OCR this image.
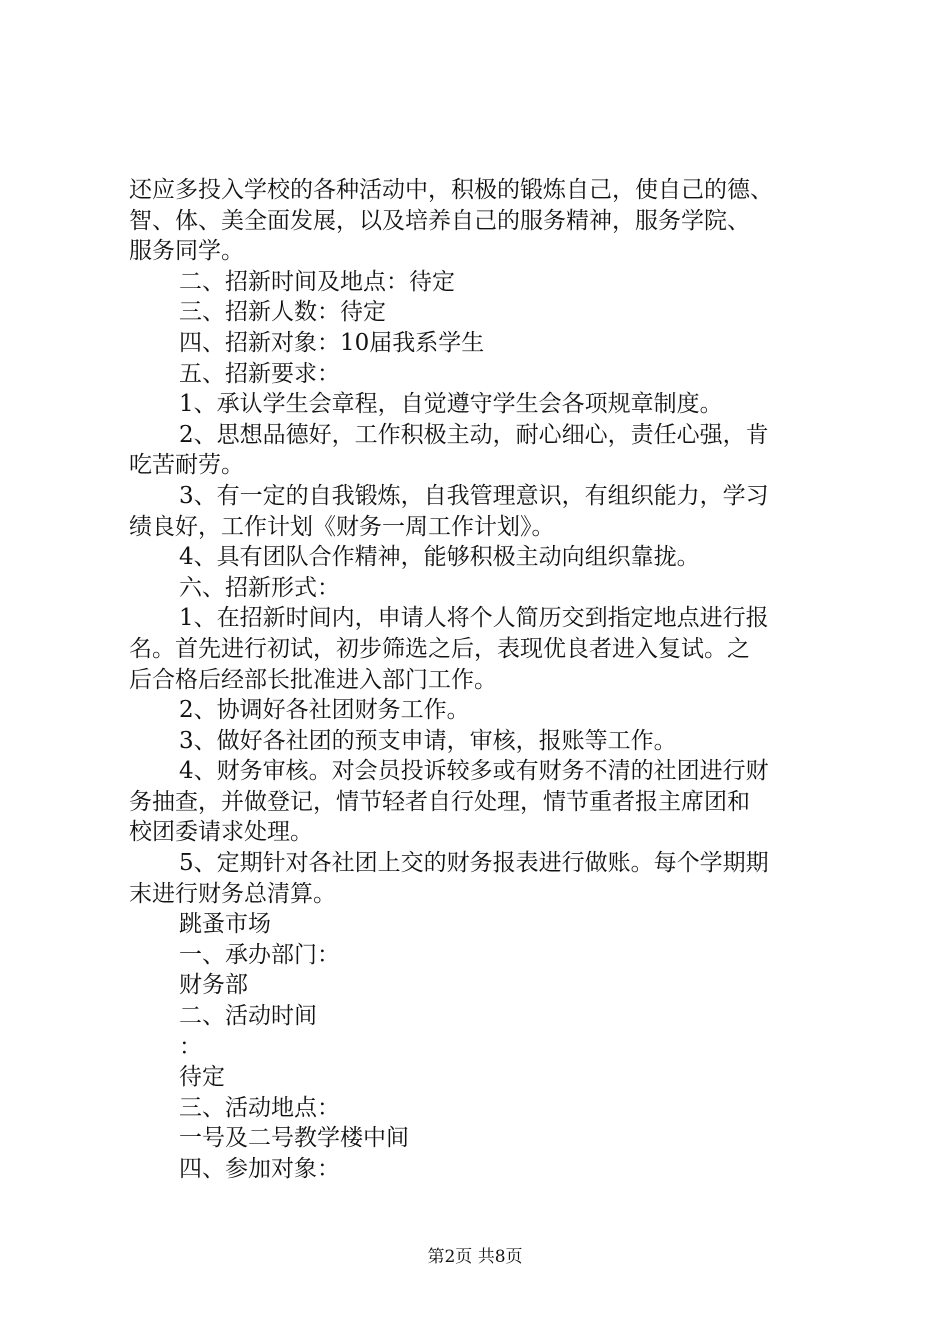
还应多投入学校的各种活动中，积极的锻炼自己，使自己的德、
智、体、美全面发展，以及培养自己的服务精神，服务学院、
服务同学。
二、招新时间及地点：待定
三、招新人数：待定
四、招新对象：10届我系学生
五、招新要求：
1、承认学生会章程，自觉遵守学生会各项规章制度。
2、思想品德好，工作积极主动，耐心细心，责任心强，肯
吃苦耐劳。
3、有一定的自我锻炼，自我管理意识，有组织能力，学习
绩良好，工作计划《财务一周工作计划》。
4、具有团队合作精神，能够积极主动向组织靠拢。
六、招新形式：
1、在招新时间内，申请人将个人简历交到指定地点进行报
名。首先进行初试，初步筛选之后，表现优良者进入复试。之
后合格后经部长批准进入部门工作。
2、协调好各社团财务工作。
3、做好各社团的预支申请，审核，报账等工作。
4、财务审核。对会员投诉较多或有财务不清的社团进行财
务抽查，并做登记，情节轻者自行处理，情节重者报主席团和
校团委请求处理。
5、定期针对各社团上交的财务报表进行做账。每个学期期
末进行财务总清算。
跳蚤市场
一、承办部门：
财务部
二、活动时间
：
待定
三、活动地点：
一号及二号教学楼中间
四、参加对象：
第2页 共8页
